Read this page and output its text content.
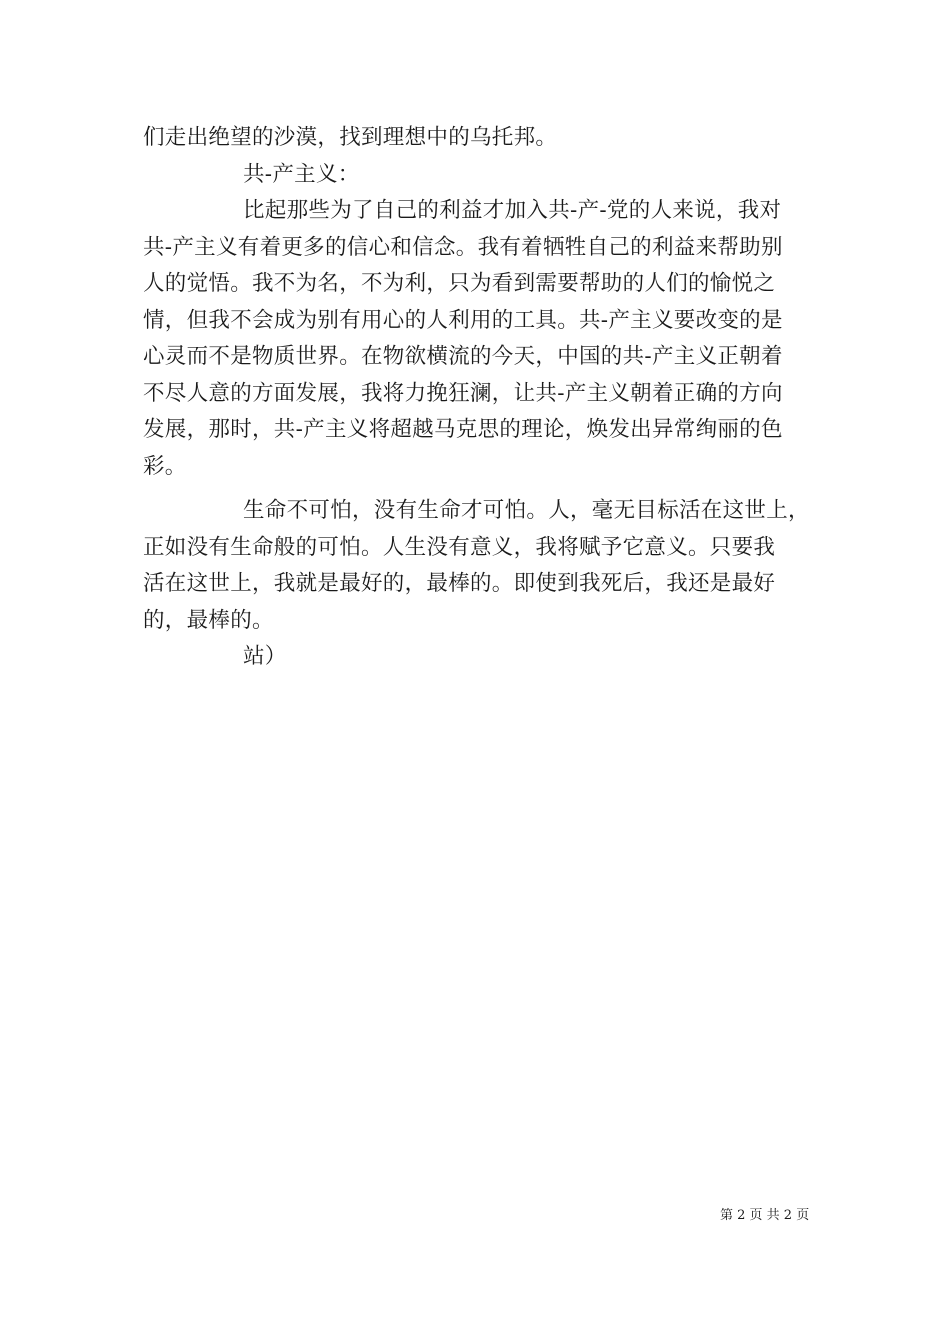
们走出绝望的沙漠，找到理想中的乌托邦。
共-产主义：
比起那些为了自己的利益才加入共-产-党的人来说，我对
共-产主义有着更多的信心和信念。我有着牺牲自己的利益来帮助别
人的觉悟。我不为名，不为利，只为看到需要帮助的人们的愉悦之
情，但我不会成为别有用心的人利用的工具。共-产主义要改变的是
心灵而不是物质世界。在物欲横流的今天，中国的共-产主义正朝着
不尽人意的方面发展，我将力挽狂澜，让共-产主义朝着正确的方向
发展，那时，共-产主义将超越马克思的理论，焕发出异常绚丽的色
彩。
生命不可怕，没有生命才可怕。人，毫无目标活在这世上，
正如没有生命般的可怕。人生没有意义，我将赋予它意义。只要我
活在这世上，我就是最好的，最棒的。即使到我死后，我还是最好
的，最棒的。
站）
第 2 页 共 2 页
